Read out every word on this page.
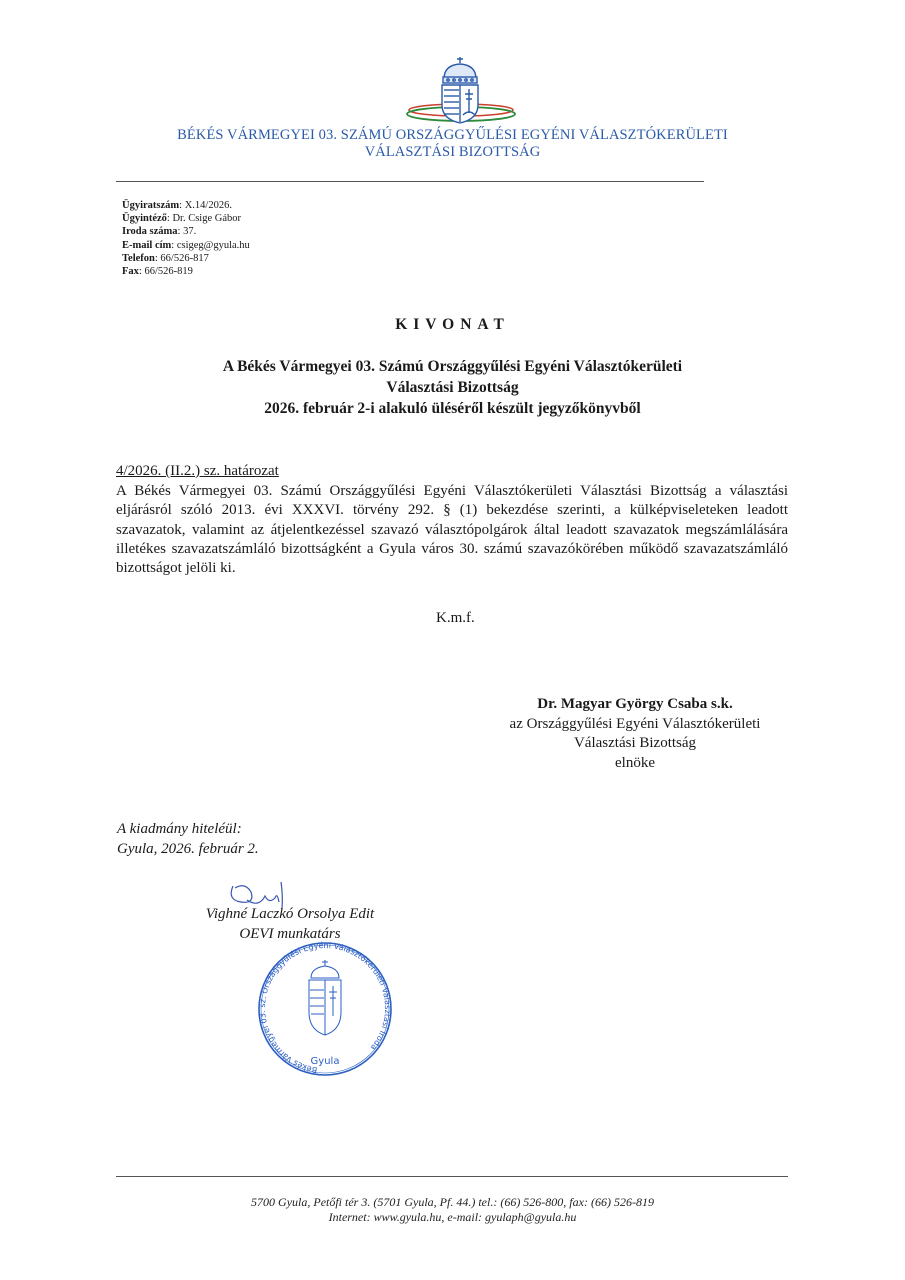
BÉKÉS VÁRMEGYEI 03. SZÁMÚ ORSZÁGGYŰLÉSI EGYÉNI VÁLASZTÓKERÜLETI
VÁLASZTÁSI BIZOTTSÁG
Ügyiratszám: X.14/2026.
Ügyintéző: Dr. Csige Gábor
Iroda száma: 37.
E-mail cím: csigeg@gyula.hu
Telefon: 66/526-817
Fax: 66/526-819
KIVONAT
A Békés Vármegyei 03. Számú Országgyűlési Egyéni Választókerületi
Választási Bizottság
2026. február 2-i alakuló üléséről készült jegyzőkönyvből
4/2026. (II.2.) sz. határozat
A Békés Vármegyei 03. Számú Országgyűlési Egyéni Választókerületi Választási Bizottság a választási eljárásról szóló 2013. évi XXXVI. törvény 292. § (1) bekezdése szerinti, a külképviseleteken leadott szavazatok, valamint az átjelentkezéssel szavazó választópolgárok által leadott szavazatok megszámlálására illetékes szavazatszámláló bizottságként a Gyula város 30. számú szavazókörében működő szavazatszámláló bizottságot jelöli ki.
K.m.f.
Dr. Magyar György Csaba s.k.
az Országgyűlési Egyéni Választókerületi
Választási Bizottság
elnöke
A kiadmány hiteléül:
Gyula, 2026. február 2.
Vighné Laczkó Orsolya Edit
OEVI munkatárs
Békés Vármegyei 03. sz. Országgyűlési Egyéni Választókerületi Választási Iroda
Gyula
5700 Gyula, Petőfi tér 3. (5701 Gyula, Pf. 44.) tel.: (66) 526-800, fax: (66) 526-819
Internet: www.gyula.hu, e-mail: gyulaph@gyula.hu
